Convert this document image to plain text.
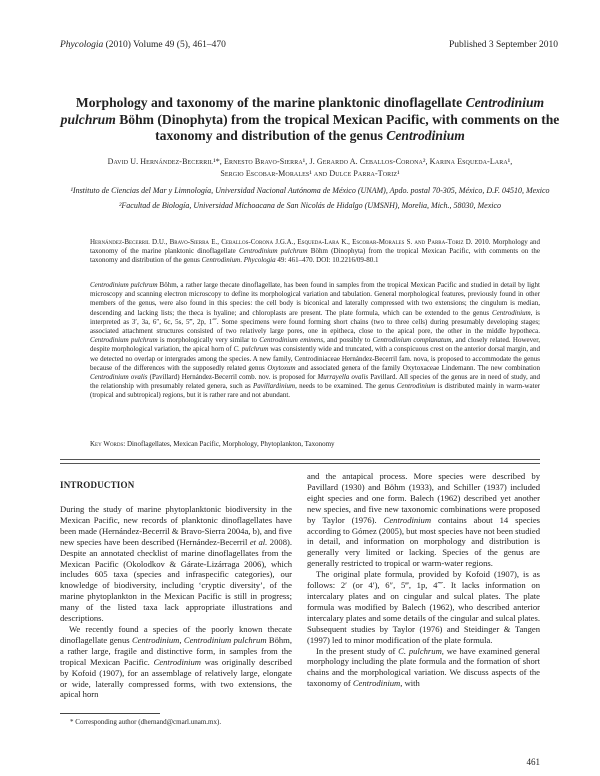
Phycologia (2010) Volume 49 (5), 461–470	Published 3 September 2010
Morphology and taxonomy of the marine planktonic dinoflagellate Centrodinium pulchrum Böhm (Dinophyta) from the tropical Mexican Pacific, with comments on the taxonomy and distribution of the genus Centrodinium
David U. Hernández-Becerril¹*, Ernesto Bravo-Sierra¹, J. Gerardo A. Ceballos-Corona², Karina Esqueda-Lara¹,
Sergio Escobar-Morales¹ and Dulce Parra-Toriz¹

¹Instituto de Ciencias del Mar y Limnología, Universidad Nacional Autónoma de México (UNAM), Apdo. postal 70-305, México, D.F. 04510, Mexico

²Facultad de Biología, Universidad Michoacana de San Nicolás de Hidalgo (UMSNH), Morelia, Mich., 58030, Mexico

Hernández-Becerril D.U., Bravo-Sierra E., Ceballos-Corona J.G.A., Esqueda-Lara K., Escobar-Morales S. and Parra-Toriz D. 2010. Morphology and taxonomy of the marine planktonic dinoflagellate Centrodinium pulchrum Böhm (Dinophyta) from the tropical Mexican Pacific, with comments on the taxonomy and distribution of the genus Centrodinium. Phycologia 49: 461–470. DOI: 10.2216/09-80.1
Centrodinium pulchrum Böhm, a rather large thecate dinoflagellate, has been found in samples from the tropical Mexican Pacific and studied in detail by light microscopy and scanning electron microscopy to define its morphological variation and tabulation. General morphological features, previously found in other members of the genus, were also found in this species: the cell body is biconical and laterally compressed with two extensions; the cingulum is median, descending and lacking lists; the theca is hyaline; and chloroplasts are present. The plate formula, which can be extended to the genus Centrodinium, is interpreted as 3′, 3a, 6″, 6c, 5s, 5‴, 2p, 1⁗. Some specimens were found forming short chains (two to three cells) during presumably developing stages; associated attachment structures consisted of two relatively large pores, one in epitheca, close to the apical pore, the other in the middle hypotheca. Centrodinium pulchrum is morphologically very similar to Centrodinium eminens, and possibly to Centrodinium complanatum, and closely related. However, despite morphological variation, the apical horn of C. pulchrum was consistently wide and truncated, with a conspicuous crest on the anterior dorsal margin, and we detected no overlap or intergrades among the species. A new family, Centrodiniaceae Hernández-Becerril fam. nova, is proposed to accommodate the genus because of the differences with the supposedly related genus Oxytoxum and associated genera of the family Oxytoxaceae Lindemann. The new combination Centrodinium ovalis (Pavillard) Hernández-Becerril comb. nov. is proposed for Murrayella ovalis Pavillard. All species of the genus are in need of study, and the relationship with presumably related genera, such as Pavillardinium, needs to be examined. The genus Centrodinium is distributed mainly in warm-water (tropical and subtropical) regions, but it is rather rare and not abundant.
Key Words: Dinoflagellates, Mexican Pacific, Morphology, Phytoplankton, Taxonomy
INTRODUCTION

During the study of marine phytoplanktonic biodiversity in the Mexican Pacific, new records of planktonic dinoflagellates have been made (Hernández-Becerril & Bravo-Sierra 2004a, b), and five new species have been described (Hernández-Becerril et al. 2008). Despite an annotated checklist of marine dinoflagellates from the Mexican Pacific (Okolodkov & Gárate-Lizárraga 2006), which includes 605 taxa (species and infraspecific categories), our knowledge of biodiversity, including ‘cryptic diversity’, of the marine phytoplankton in the Mexican Pacific is still in progress; many of the listed taxa lack appropriate illustrations and descriptions.

We recently found a species of the poorly known thecate dinoflagellate genus Centrodinium, Centrodinium pulchrum Böhm, a rather large, fragile and distinctive form, in samples from the tropical Mexican Pacific. Centrodinium was originally described by Kofoid (1907), for an assemblage of relatively large, elongate or wide, laterally compressed forms, with two extensions, the apical horn

and the antapical process. More species were described by Pavillard (1930) and Böhm (1933), and Schiller (1937) included eight species and one form. Balech (1962) described yet another new species, and five new taxonomic combinations were proposed by Taylor (1976). Centrodinium contains about 14 species according to Gómez (2005), but most species have not been studied in detail, and information on morphology and distribution is generally very limited or lacking. Species of the genus are generally restricted to tropical or warm-water regions.

The original plate formula, provided by Kofoid (1907), is as follows: 2′ (or 4′), 6″, 5‴, 1p, 4⁗. It lacks information on intercalary plates and on cingular and sulcal plates. The plate formula was modified by Balech (1962), who described anterior intercalary plates and some details of the cingular and sulcal plates. Subsequent studies by Taylor (1976) and Steidinger & Tangen (1997) led to minor modification of the plate formula.

In the present study of C. pulchrum, we have examined general morphology including the plate formula and the formation of short chains and the morphological variation. We discuss aspects of the taxonomy of Centrodinium, with

* Corresponding author (dhernand@cmarl.unam.mx).
461
